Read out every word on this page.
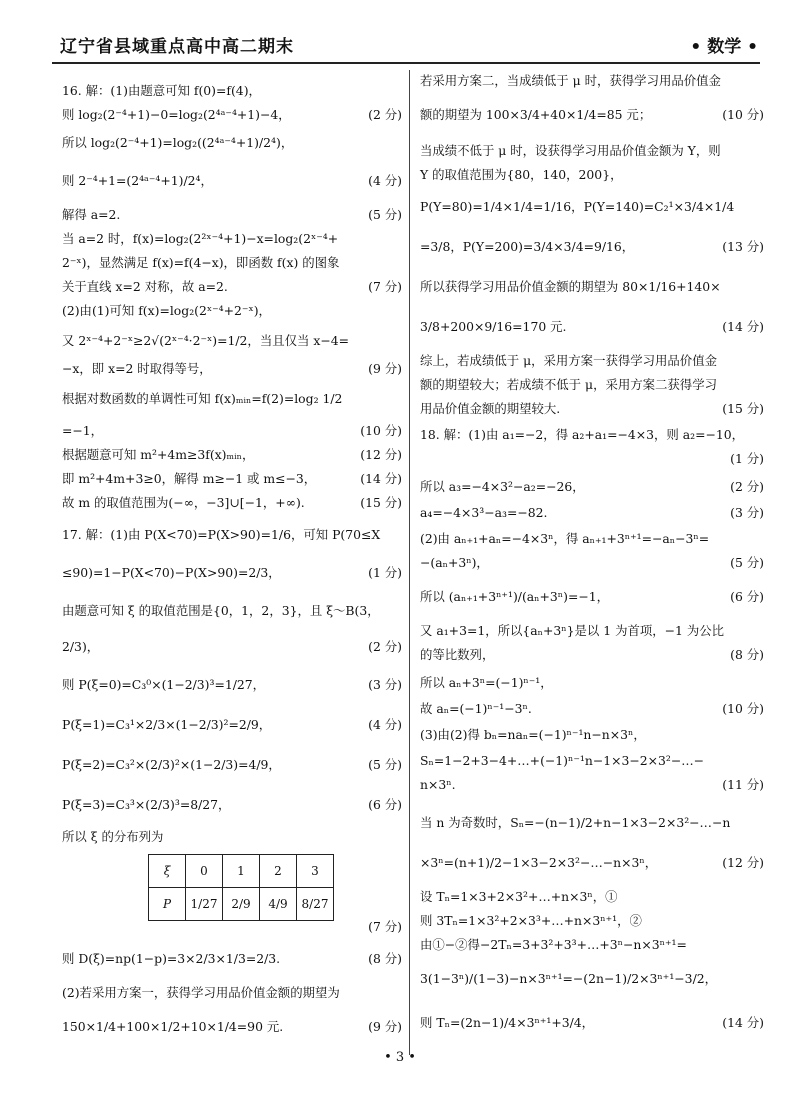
辽宁省县域重点高中高二期末	• 数学 •
ξ	0	1	2	3
P	1/27	2/9	4/9	8/27
16. 解：(1)由题意可知 f(0)=f(4)，
则 log₂(2⁻⁴+1)−0=log₂(2⁴ᵃ⁻⁴+1)−4，	(2 分)
所以 log₂(2⁻⁴+1)=log₂((2⁴ᵃ⁻⁴+1)/2⁴)，
则 2⁻⁴+1=(2⁴ᵃ⁻⁴+1)/2⁴，	(4 分)
解得 a=2.	(5 分)
当 a=2 时，f(x)=log₂(2²ˣ⁻⁴+1)−x=log₂(2ˣ⁻⁴+
2⁻ˣ)，显然满足 f(x)=f(4−x)，即函数 f(x) 的图象
关于直线 x=2 对称，故 a=2.	(7 分)
(2)由(1)可知 f(x)=log₂(2ˣ⁻⁴+2⁻ˣ)，
又 2ˣ⁻⁴+2⁻ˣ≥2√(2ˣ⁻⁴·2⁻ˣ)=1/2，当且仅当 x−4=
−x，即 x=2 时取得等号，	(9 分)
根据对数函数的单调性可知 f(x)ₘᵢₙ=f(2)=log₂ 1/2
=−1，	(10 分)
根据题意可知 m²+4m≥3f(x)ₘᵢₙ，	(12 分)
即 m²+4m+3≥0，解得 m≥−1 或 m≤−3，	(14 分)
故 m 的取值范围为(−∞，−3]∪[−1，+∞).	(15 分)
17. 解：(1)由 P(X<70)=P(X>90)=1/6，可知 P(70≤X
≤90)=1−P(X<70)−P(X>90)=2/3，	(1 分)
由题意可知 ξ 的取值范围是{0，1，2，3}，且 ξ～B(3，
2/3)，	(2 分)
则 P(ξ=0)=C₃⁰×(1−2/3)³=1/27，	(3 分)
P(ξ=1)=C₃¹×2/3×(1−2/3)²=2/9，	(4 分)
P(ξ=2)=C₃²×(2/3)²×(1−2/3)=4/9，	(5 分)
P(ξ=3)=C₃³×(2/3)³=8/27，	(6 分)
所以 ξ 的分布列为
(7 分)
则 D(ξ)=np(1−p)=3×2/3×1/3=2/3.	(8 分)
(2)若采用方案一，获得学习用品价值金额的期望为
150×1/4+100×1/2+10×1/4=90 元.	(9 分)
若采用方案二，当成绩低于 μ 时，获得学习用品价值金
额的期望为 100×3/4+40×1/4=85 元；	(10 分)
当成绩不低于 μ 时，设获得学习用品价值金额为 Y，则
Y 的取值范围为{80，140，200}，
P(Y=80)=1/4×1/4=1/16，P(Y=140)=C₂¹×3/4×1/4
=3/8，P(Y=200)=3/4×3/4=9/16，	(13 分)
所以获得学习用品价值金额的期望为 80×1/16+140×
3/8+200×9/16=170 元.	(14 分)
综上，若成绩低于 μ，采用方案一获得学习用品价值金
额的期望较大；若成绩不低于 μ，采用方案二获得学习
用品价值金额的期望较大.	(15 分)
18. 解：(1)由 a₁=−2，得 a₂+a₁=−4×3，则 a₂=−10，
(1 分)
所以 a₃=−4×3²−a₂=−26，	(2 分)
a₄=−4×3³−a₃=−82.	(3 分)
(2)由 aₙ₊₁+aₙ=−4×3ⁿ，得 aₙ₊₁+3ⁿ⁺¹=−aₙ−3ⁿ=
−(aₙ+3ⁿ)，	(5 分)
所以 (aₙ₊₁+3ⁿ⁺¹)/(aₙ+3ⁿ)=−1，	(6 分)
又 a₁+3=1，所以{aₙ+3ⁿ}是以 1 为首项，−1 为公比
的等比数列，	(8 分)
所以 aₙ+3ⁿ=(−1)ⁿ⁻¹，
故 aₙ=(−1)ⁿ⁻¹−3ⁿ.	(10 分)
(3)由(2)得 bₙ=naₙ=(−1)ⁿ⁻¹n−n×3ⁿ，
Sₙ=1−2+3−4+…+(−1)ⁿ⁻¹n−1×3−2×3²−…−
n×3ⁿ.	(11 分)
当 n 为奇数时，Sₙ=−(n−1)/2+n−1×3−2×3²−…−n
×3ⁿ=(n+1)/2−1×3−2×3²−…−n×3ⁿ，	(12 分)
设 Tₙ=1×3+2×3²+…+n×3ⁿ，①
则 3Tₙ=1×3²+2×3³+…+n×3ⁿ⁺¹，②
由①−②得−2Tₙ=3+3²+3³+…+3ⁿ−n×3ⁿ⁺¹=
3(1−3ⁿ)/(1−3)−n×3ⁿ⁺¹=−(2n−1)/2×3ⁿ⁺¹−3/2，
则 Tₙ=(2n−1)/4×3ⁿ⁺¹+3/4，	(14 分)
• 3 •
